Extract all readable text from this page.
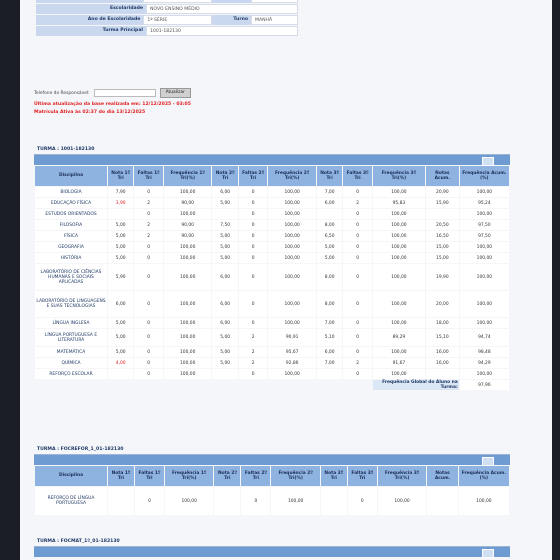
Escolaridade	NOVO ENSINO MÉDIO
Ano de Escolaridade	1ª SÉRIE	Turno	MANHÃ
Turma Principal	1001-182130
Telefone do Responsável:	Atualizar
Última atualização da base realizada em: 12/12/2025 - 03:05
Matrícula Ativa às 02:37 do dia 13/12/2025
TURMA : 1001-182130
Disciplina	Nota 1º Tri	Faltas 1º Tri	Frequência 1º Tri(%)	Nota 2º Tri	Faltas 2º Tri	Frequência 2º Tri(%)	Nota 3º Tri	Faltas 3º Tri	Frequência 3º Tri(%)	Notas Acum.	Frequência Acum.(%)
BIOLOGIA	7,90	0	100,00	6,00	0	100,00	7,00	0	100,00	20,90	100,00
EDUCAÇÃO FÍSICA	3,90	2	90,00	5,00	0	100,00	6,00	2	95,83	15,90	95,24
ESTUDOS ORIENTADOS		0	100,00		0	100,00		0	100,00		100,00
FILOSOFIA	5,00	2	90,00	7,50	0	100,00	8,00	0	100,00	20,50	97,50
FÍSICA	5,00	2	90,00	5,00	0	100,00	6,50	0	100,00	16,50	97,50
GEOGRAFIA	5,00	0	100,00	5,00	0	100,00	5,00	0	100,00	15,00	100,00
HISTÓRIA	5,00	0	100,00	5,00	0	100,00	5,00	0	100,00	15,00	100,00
LABORATÓRIO DE CIÊNCIAS HUMANAS E SOCIAIS APLICADAS	5,90	0	100,00	6,00	0	100,00	8,00	0	100,00	19,90	100,00
LABORATÓRIO DE LINGUAGENS E SUAS TECNOLOGIAS	6,00	0	100,00	6,00	0	100,00	8,00	0	100,00	20,00	100,00
LÍNGUA INGLESA	5,00	0	100,00	6,00	0	100,00	7,00	0	100,00	18,00	100,00
LÍNGUA PORTUGUESA E LITERATURA	5,00	0	100,00	5,00	2	90,91	5,10	0	89,29	15,10	94,74
MATEMÁTICA	5,00	0	100,00	5,00	2	95,67	6,00	0	100,00	16,00	98,48
QUÍMICA	4,00	0	100,00	5,00	2	92,86	7,00	2	91,67	16,00	94,29
REFORÇO ESCOLAR		0	100,00		0	100,00		0	100,00		100,00
									Frequência Global do Aluno na Turma:		97,96
TURMA : FOCREFOR_1_01-182130
Disciplina	Nota 1º Tri	Faltas 1º Tri	Frequência 1º Tri(%)	Nota 2º Tri	Faltas 2º Tri	Frequência 2º Tri(%)	Nota 3º Tri	Faltas 3º Tri	Frequência 3º Tri(%)	Notas Acum.	Frequência Acum.(%)
REFORÇO DE LÍNGUA PORTUGUESA		0	100,00		0	100,00		0	100,00		100,00
TURMA : FOCMAT_1º_01-182130
